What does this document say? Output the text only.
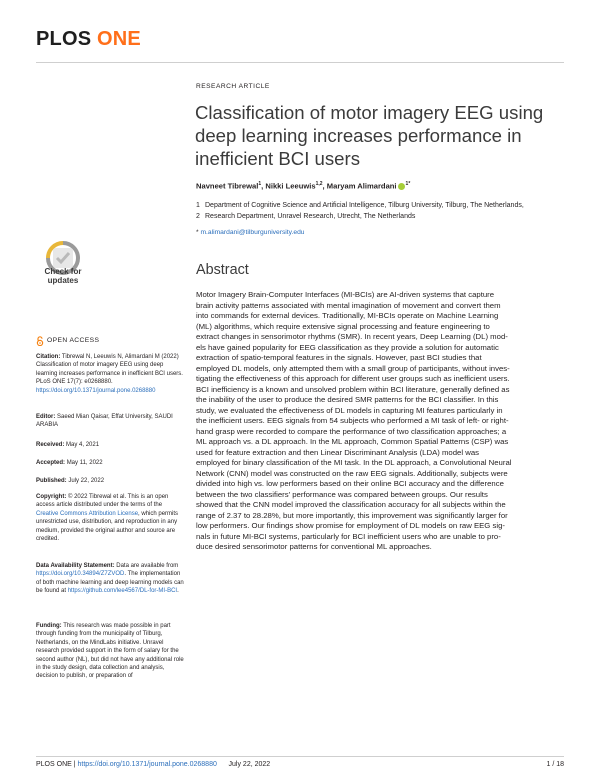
PLOS ONE
RESEARCH ARTICLE
Classification of motor imagery EEG using deep learning increases performance in inefficient BCI users
Navneet Tibrewal$^1$, Nikki Leeuwis$^{1,2}$, Maryam Alimardani $^{1*}$
1 Department of Cognitive Science and Artificial Intelligence, Tilburg University, Tilburg, The Netherlands,
2 Research Department, Unravel Research, Utrecht, The Netherlands
* m.alimardani@tilburguniversity.edu
Abstract

Motor Imagery Brain-Computer Interfaces (MI-BCIs) are AI-driven systems that capture

brain activity patterns associated with mental imagination of movement and convert them

into commands for external devices. Traditionally, MI-BCIs operate on Machine Learning

(ML) algorithms, which require extensive signal processing and feature engineering to

extract changes in sensorimotor rhythms (SMR). In recent years, Deep Learning (DL) mod-

els have gained popularity for EEG classification as they provide a solution for automatic

extraction of spatio-temporal features in the signals. However, past BCI studies that

employed DL models, only attempted them with a small group of participants, without inves-

tigating the effectiveness of this approach for different user groups such as inefficient users.

BCI inefficiency is a known and unsolved problem within BCI literature, generally defined as

the inability of the user to produce the desired SMR patterns for the BCI classifier. In this

study, we evaluated the effectiveness of DL models in capturing MI features particularly in

the inefficient users. EEG signals from 54 subjects who performed a MI task of left- or right-

hand grasp were recorded to compare the performance of two classification approaches; a

ML approach vs. a DL approach. In the ML approach, Common Spatial Patterns (CSP) was

used for feature extraction and then Linear Discriminant Analysis (LDA) model was

employed for binary classification of the MI task. In the DL approach, a Convolutional Neural

Network (CNN) model was constructed on the raw EEG signals. Additionally, subjects were

divided into high vs. low performers based on their online BCI accuracy and the difference

between the two classifiers' performance was compared between groups. Our results

showed that the CNN model improved the classification accuracy for all subjects within the

range of 2.37 to 28.28%, but more importantly, this improvement was significantly larger for

low performers. Our findings show promise for employment of DL models on raw EEG sig-

nals in future MI-BCI systems, particularly for BCI inefficient users who are unable to pro-

duce desired sensorimotor patterns for conventional ML approaches.

Check for
updates
OPEN ACCESS
Citation: Tibrewal N, Leeuwis N, Alimardani M (2022) Classification of motor imagery EEG using deep learning increases performance in inefficient BCI users. PLoS ONE 17(7): e0268880. https://doi.org/10.1371/journal.pone.0268880
Editor: Saeed Mian Qaisar, Effat University, SAUDI ARABIA
Received: May 4, 2021
Accepted: May 11, 2022
Published: July 22, 2022
Copyright: © 2022 Tibrewal et al. This is an open access article distributed under the terms of the Creative Commons Attribution License, which permits unrestricted use, distribution, and reproduction in any medium, provided the original author and source are credited.
Data Availability Statement: Data are available from https://doi.org/10.34894/Z7ZVOD. The implementation of both machine learning and deep learning models can be found at https://github.com/lee4567/DL-for-MI-BCI.
Funding: This research was made possible in part through funding from the municipality of Tilburg, Netherlands, on the MindLabs initiative. Unravel research provided support in the form of salary for the second author (NL), but did not have any additional role in the study design, data collection and analysis, decision to publish, or preparation of
PLOS ONE | https://doi.org/10.1371/journal.pone.0268880 July 22, 2022	1 / 18
